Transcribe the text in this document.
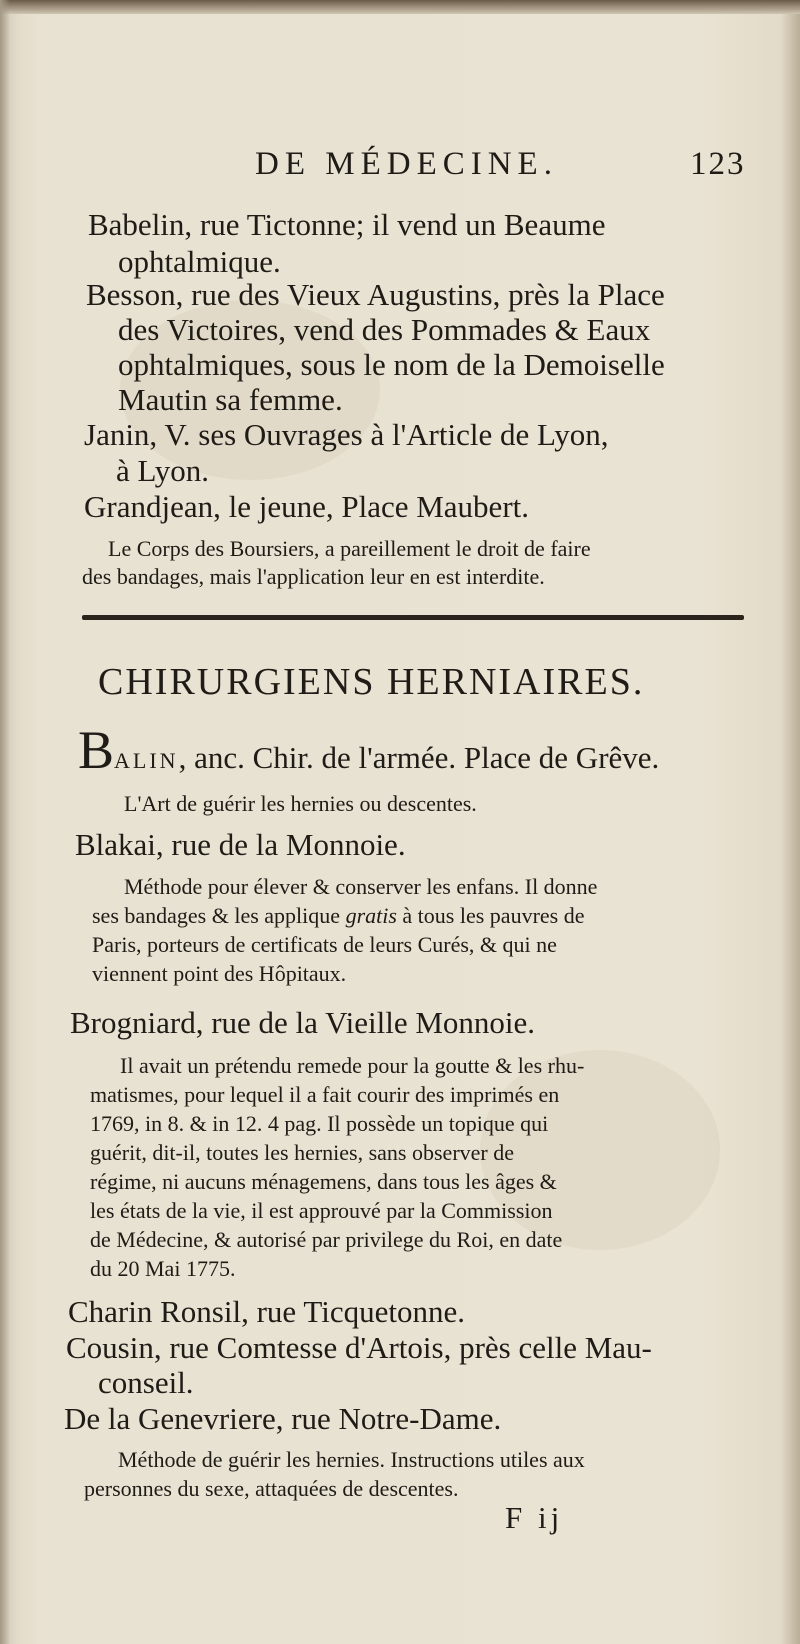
DE MÉDECINE.	123

Babelin, rue Tictonne; il vend un Beaume

ophtalmique.

Besson, rue des Vieux Augustins, près la Place

des Victoires, vend des Pommades & Eaux

ophtalmiques, sous le nom de la Demoiselle

Mautin sa femme.

Janin, V. ses Ouvrages à l'Article de Lyon,

à Lyon.

Grandjean, le jeune, Place Maubert.

Le Corps des Boursiers, a pareillement le droit de faire

des bandages, mais l'application leur en est interdite.

CHIRURGIENS HERNIAIRES.

BALIN, anc. Chir. de l'armée. Place de Grêve.

L'Art de guérir les hernies ou descentes.

Blakai, rue de la Monnoie.

Méthode pour élever & conserver les enfans. Il donne

ses bandages & les applique gratis à tous les pauvres de

Paris, porteurs de certificats de leurs Curés, & qui ne

viennent point des Hôpitaux.

Brogniard, rue de la Vieille Monnoie.

Il avait un prétendu remede pour la goutte & les rhu-

matismes, pour lequel il a fait courir des imprimés en

1769, in 8. & in 12. 4 pag. Il possède un topique qui

guérit, dit-il, toutes les hernies, sans observer de

régime, ni aucuns ménagemens, dans tous les âges &

les états de la vie, il est approuvé par la Commission

de Médecine, & autorisé par privilege du Roi, en date

du 20 Mai 1775.

Charin Ronsil, rue Ticquetonne.

Cousin, rue Comtesse d'Artois, près celle Mau-

conseil.

De la Genevriere, rue Notre-Dame.

Méthode de guérir les hernies. Instructions utiles aux

personnes du sexe, attaquées de descentes.

F ij
